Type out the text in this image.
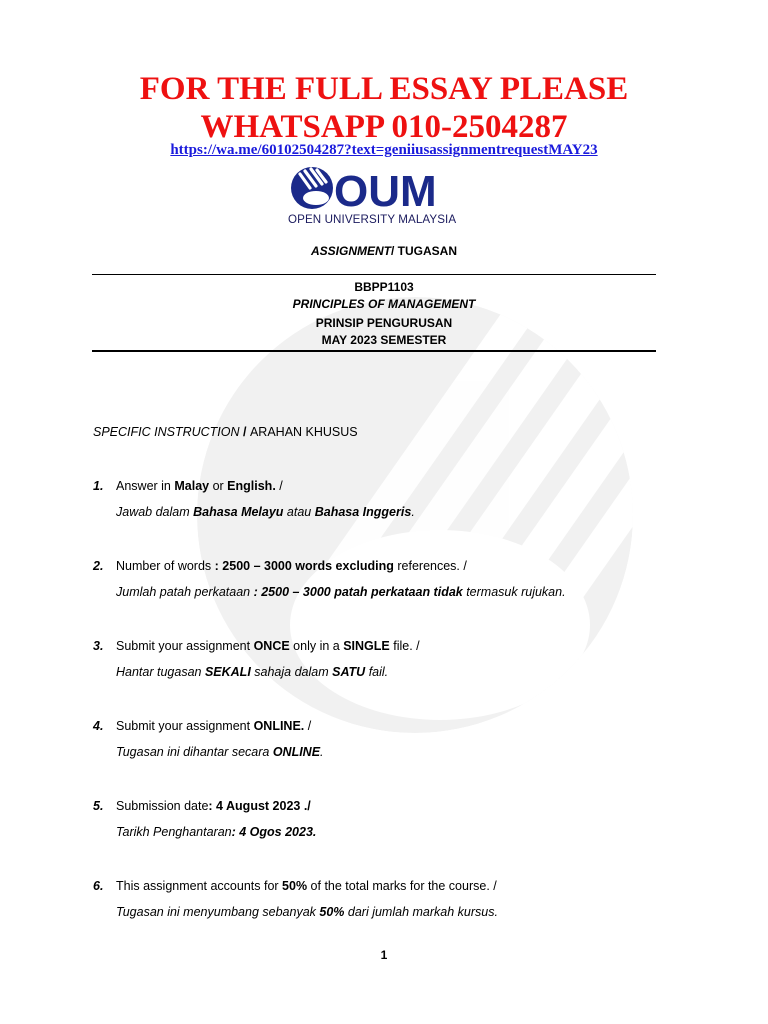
FOR THE FULL ESSAY PLEASE
WHATSAPP 010-2504287
https://wa.me/60102504287?text=geniiusassignmentrequestMAY23
OUM
OPEN UNIVERSITY MALAYSIA
ASSIGNMENT/ TUGASAN
BBPP1103
PRINCIPLES OF MANAGEMENT
PRINSIP PENGURUSAN
MAY 2023 SEMESTER
SPECIFIC INSTRUCTION / ARAHAN KHUSUS
1. Answer in Malay or English. /
Jawab dalam Bahasa Melayu atau Bahasa Inggeris.
2. Number of words : 2500 – 3000 words excluding references. /
Jumlah patah perkataan : 2500 – 3000 patah perkataan tidak termasuk rujukan.
3. Submit your assignment ONCE only in a SINGLE file. /
Hantar tugasan SEKALI sahaja dalam SATU fail.
4. Submit your assignment ONLINE. /
Tugasan ini dihantar secara ONLINE.
5. Submission date: 4 August 2023 ./
Tarikh Penghantaran: 4 Ogos 2023.
6. This assignment accounts for 50% of the total marks for the course. /
Tugasan ini menyumbang sebanyak 50% dari jumlah markah kursus.
1
